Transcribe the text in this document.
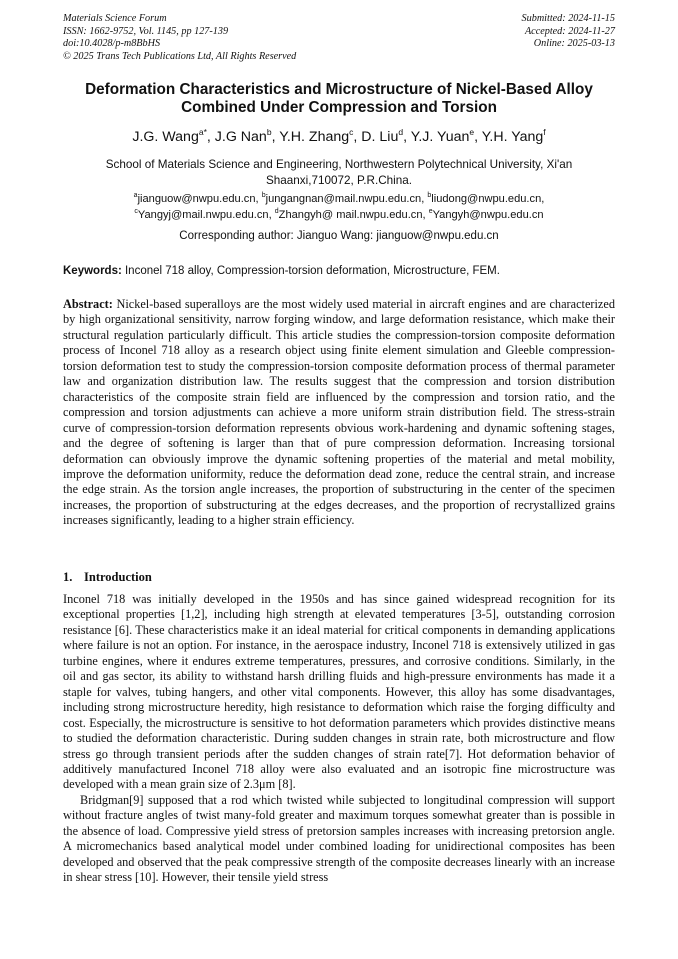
Materials Science Forum
ISSN: 1662-9752, Vol. 1145, pp 127-139
doi:10.4028/p-m8BbHS
© 2025 Trans Tech Publications Ltd, All Rights Reserved
Submitted: 2024-11-15
Accepted: 2024-11-27
Online: 2025-03-13
Deformation Characteristics and Microstructure of Nickel-Based Alloy
Combined Under Compression and Torsion
J.G. Wang$^{a*}$, J.G Nan$^b$, Y.H. Zhang$^c$, D. Liu$^d$, Y.J. Yuan$^e$, Y.H. Yang$^f$
School of Materials Science and Engineering, Northwestern Polytechnical University, Xi'an
Shaanxi,710072, P.R.China.
$^a$jianguow@nwpu.edu.cn, $^b$jungangnan@mail.nwpu.edu.cn, $^b$liudong@nwpu.edu.cn,
$^c$Yangyj@mail.nwpu.edu.cn, $^d$Zhangyh@ mail.nwpu.edu.cn, $^e$Yangyh@nwpu.edu.cn
Corresponding author: Jianguo Wang: jianguow@nwpu.edu.cn
Keywords: Inconel 718 alloy, Compression-torsion deformation, Microstructure, FEM.
Abstract: Nickel-based superalloys are the most widely used material in aircraft engines and are characterized by high organizational sensitivity, narrow forging window, and large deformation resistance, which make their structural regulation particularly difficult. This article studies the compression-torsion composite deformation process of Inconel 718 alloy as a research object using finite element simulation and Gleeble compression-torsion deformation test to study the compression-torsion composite deformation process of thermal parameter law and organization distribution law. The results suggest that the compression and torsion distribution characteristics of the composite strain field are influenced by the compression and torsion ratio, and the compression and torsion adjustments can achieve a more uniform strain distribution field. The stress-strain curve of compression-torsion deformation represents obvious work-hardening and dynamic softening stages, and the degree of softening is larger than that of pure compression deformation. Increasing torsional deformation can obviously improve the dynamic softening properties of the material and metal mobility, improve the deformation uniformity, reduce the deformation dead zone, reduce the central strain, and increase the edge strain. As the torsion angle increases, the proportion of substructuring in the center of the specimen increases, the proportion of substructuring at the edges decreases, and the proportion of recrystallized grains increases significantly, leading to a higher strain efficiency.
1. Introduction

Inconel 718 was initially developed in the 1950s and has since gained widespread recognition for its exceptional properties [1,2], including high strength at elevated temperatures [3-5], outstanding corrosion resistance [6]. These characteristics make it an ideal material for critical components in demanding applications where failure is not an option. For instance, in the aerospace industry, Inconel 718 is extensively utilized in gas turbine engines, where it endures extreme temperatures, pressures, and corrosive conditions. Similarly, in the oil and gas sector, its ability to withstand harsh drilling fluids and high-pressure environments has made it a staple for valves, tubing hangers, and other vital components. However, this alloy has some disadvantages, including strong microstructure heredity, high resistance to deformation which raise the forging difficulty and cost. Especially, the microstructure is sensitive to hot deformation parameters which provides distinctive means to studied the deformation characteristic. During sudden changes in strain rate, both microstructure and flow stress go through transient periods after the sudden changes of strain rate[7]. Hot deformation behavior of additively manufactured Inconel 718 alloy were also evaluated and an isotropic fine microstructure was developed with a mean grain size of 2.3μm [8].

Bridgman[9] supposed that a rod which twisted while subjected to longitudinal compression will support without fracture angles of twist many‐fold greater and maximum torques somewhat greater than is possible in the absence of load. Compressive yield stress of pretorsion samples increases with increasing pretorsion angle. A micromechanics based analytical model under combined loading for unidirectional composites has been developed and observed that the peak compressive strength of the composite decreases linearly with an increase in shear stress [10]. However, their tensile yield stress
